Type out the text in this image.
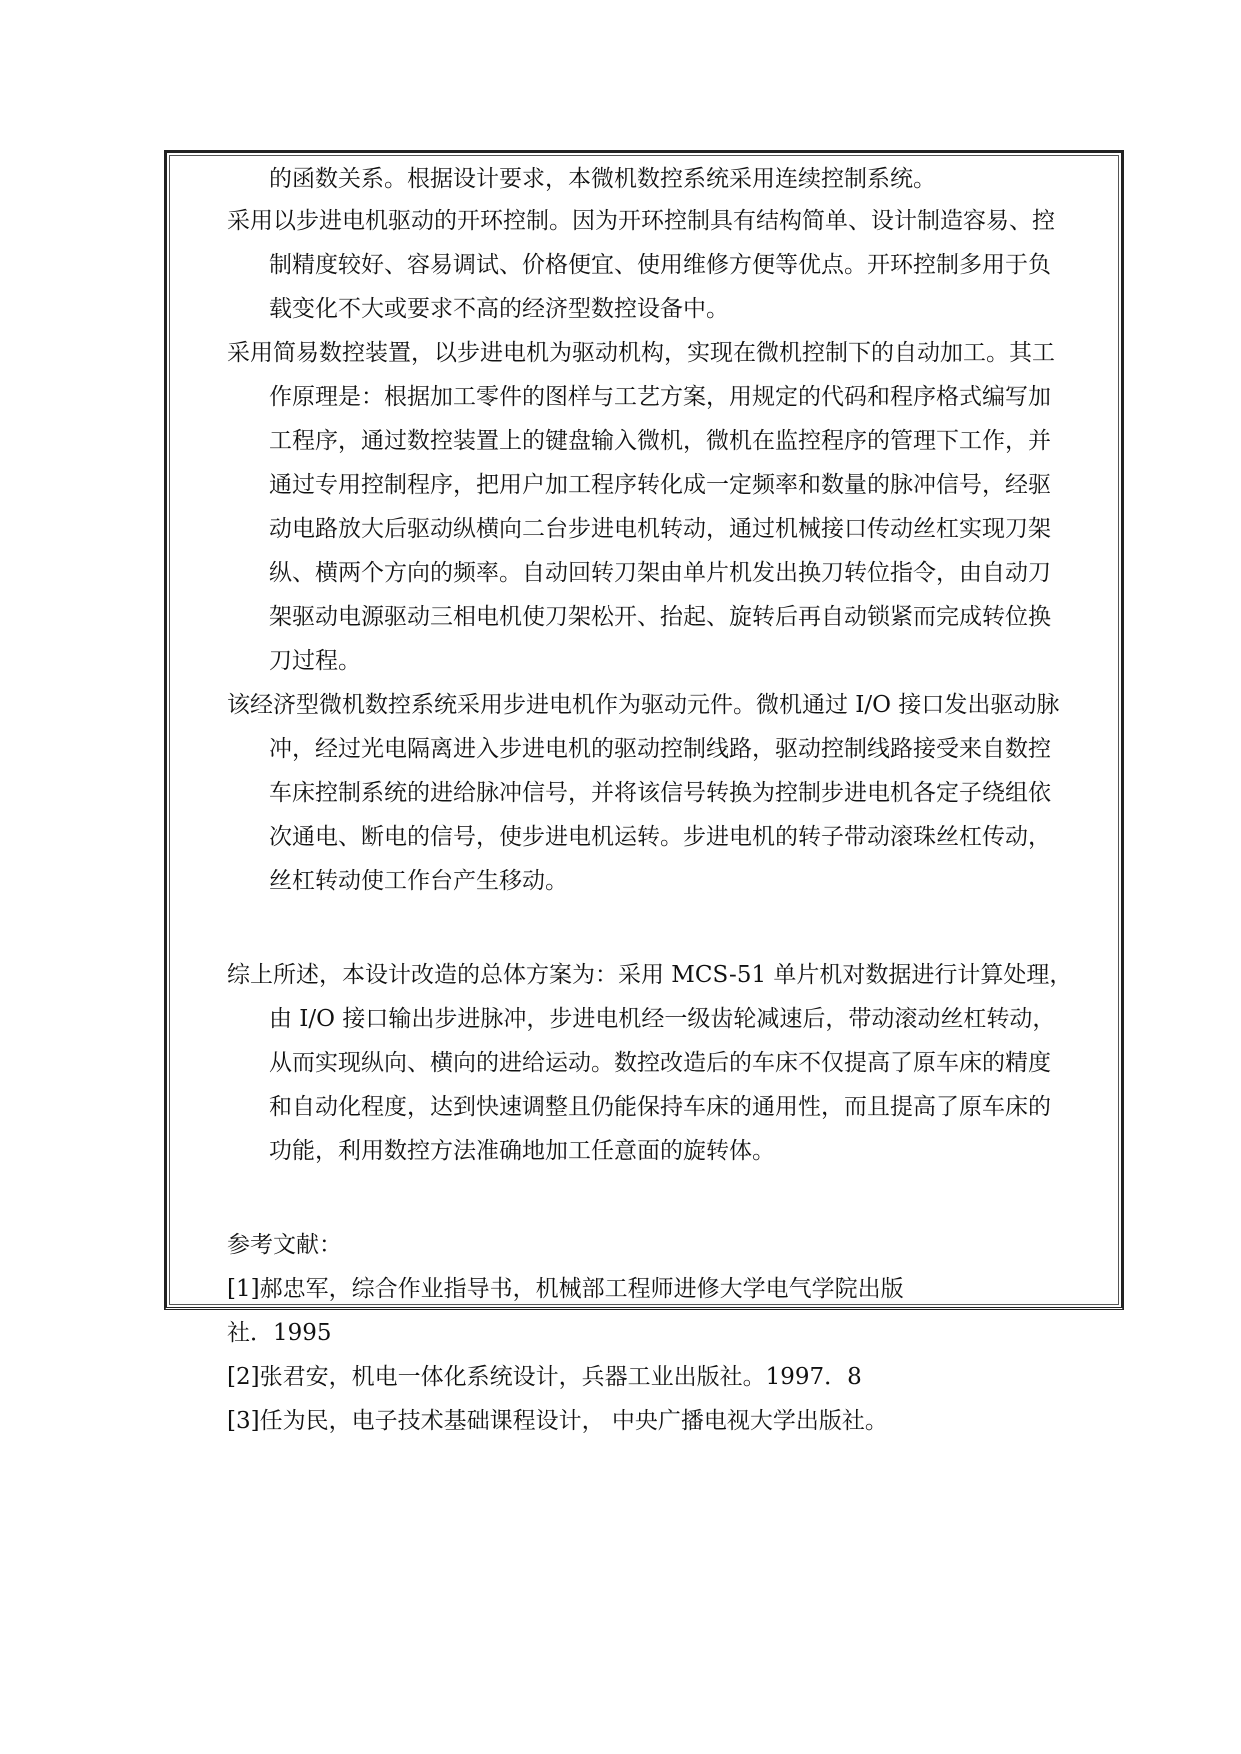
的函数关系。根据设计要求，本微机数控系统采用连续控制系统。
采用以步进电机驱动的开环控制。因为开环控制具有结构简单、设计制造容易、控
制精度较好、容易调试、价格便宜、使用维修方便等优点。开环控制多用于负
载变化不大或要求不高的经济型数控设备中。
采用简易数控装置，以步进电机为驱动机构，实现在微机控制下的自动加工。其工
作原理是：根据加工零件的图样与工艺方案，用规定的代码和程序格式编写加
工程序，通过数控装置上的键盘输入微机，微机在监控程序的管理下工作，并
通过专用控制程序，把用户加工程序转化成一定频率和数量的脉冲信号，经驱
动电路放大后驱动纵横向二台步进电机转动，通过机械接口传动丝杠实现刀架
纵、横两个方向的频率。自动回转刀架由单片机发出换刀转位指令，由自动刀
架驱动电源驱动三相电机使刀架松开、抬起、旋转后再自动锁紧而完成转位换
刀过程。
该经济型微机数控系统采用步进电机作为驱动元件。微机通过 I/O 接口发出驱动脉
冲，经过光电隔离进入步进电机的驱动控制线路，驱动控制线路接受来自数控
车床控制系统的进给脉冲信号，并将该信号转换为控制步进电机各定子绕组依
次通电、断电的信号，使步进电机运转。步进电机的转子带动滚珠丝杠传动，
丝杠转动使工作台产生移动。
综上所述，本设计改造的总体方案为：采用 MCS-51 单片机对数据进行计算处理，
由 I/O 接口输出步进脉冲，步进电机经一级齿轮减速后，带动滚动丝杠转动，
从而实现纵向、横向的进给运动。数控改造后的车床不仅提高了原车床的精度
和自动化程度，达到快速调整且仍能保持车床的通用性，而且提高了原车床的
功能，利用数控方法准确地加工任意面的旋转体。
参考文献：
[1]郝忠军，综合作业指导书，机械部工程师进修大学电气学院出版
社．1995
[2]张君安，机电一体化系统设计，兵器工业出版社。1997．8
[3]任为民，电子技术基础课程设计， 中央广播电视大学出版社。
